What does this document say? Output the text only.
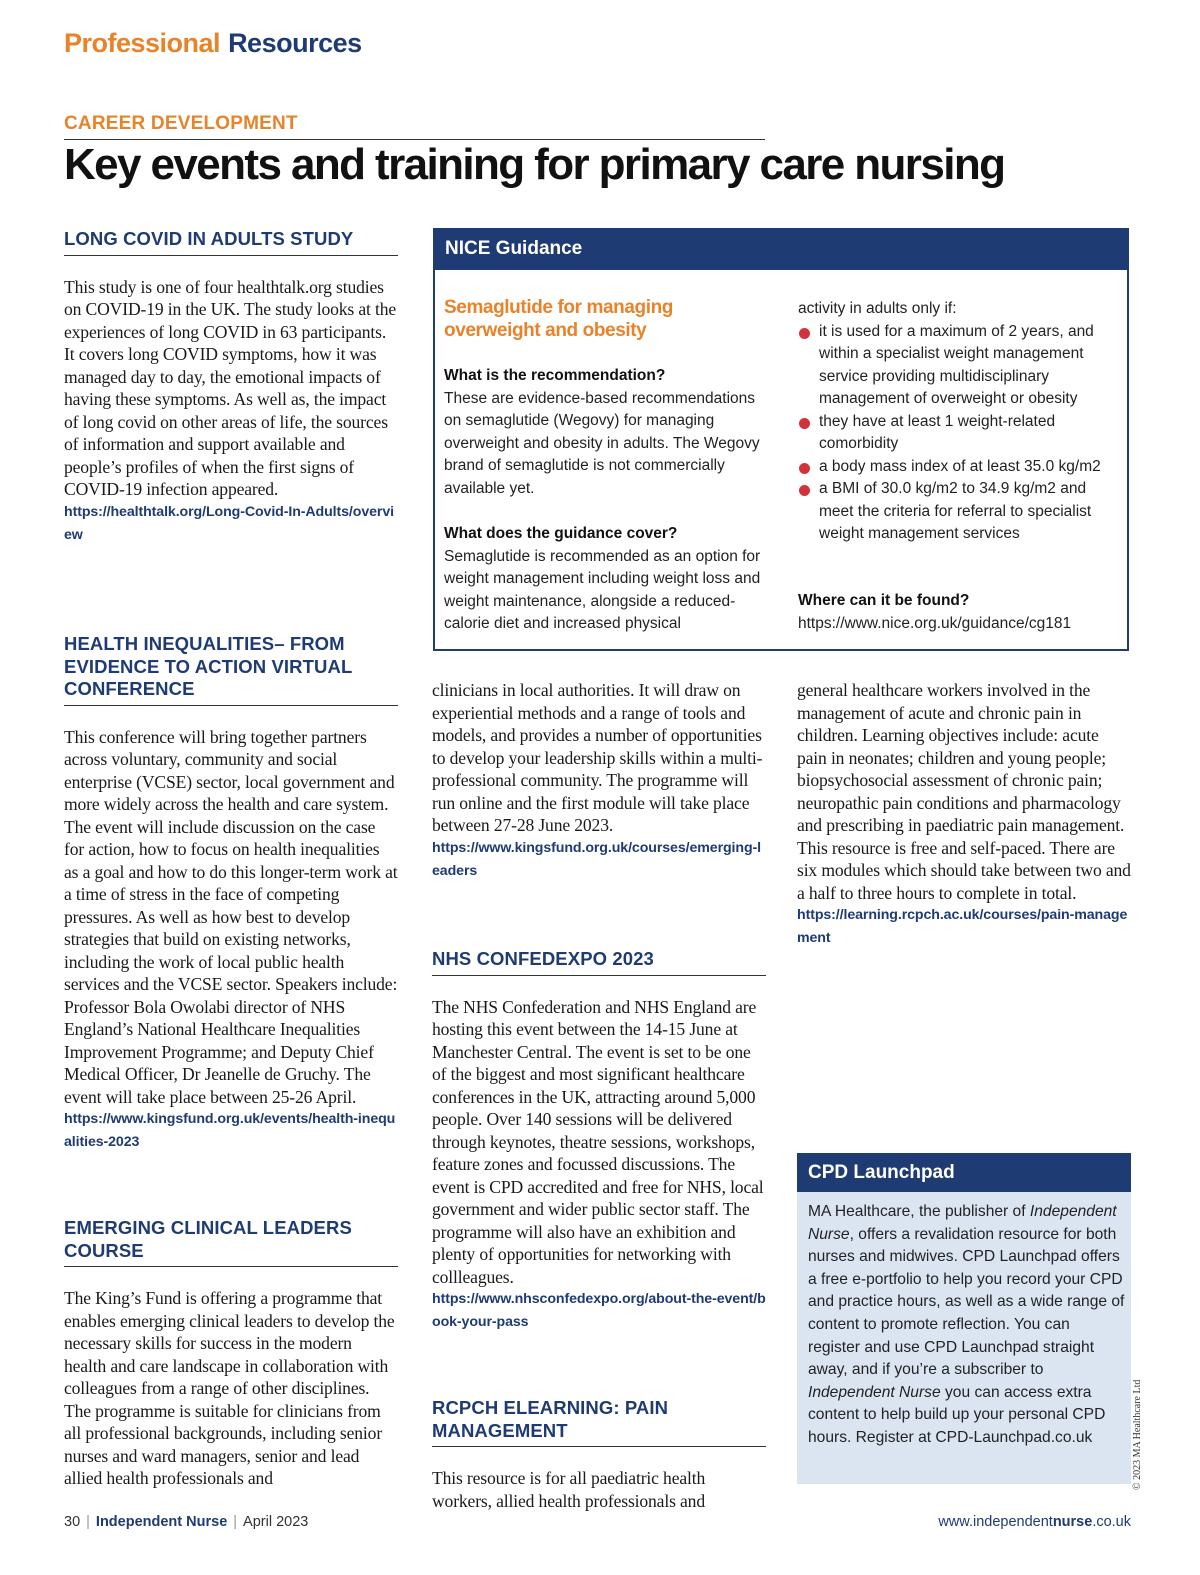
Professional Resources
CAREER DEVELOPMENT
Key events and training for primary care nursing
LONG COVID IN ADULTS STUDY

This study is one of four healthtalk.org studies on COVID-19 in the UK. The study looks at the experiences of long COVID in 63 participants. It covers long COVID symptoms, how it was managed day to day, the emotional impacts of having these symptoms. As well as, the impact of long covid on other areas of life, the sources of information and support available and people’s profiles of when the first signs of COVID-19 infection appeared.

https://healthtalk.org/Long-Covid-In-Adults/overview
HEALTH INEQUALITIES– FROM EVIDENCE TO ACTION VIRTUAL CONFERENCE

This conference will bring together partners across voluntary, community and social enterprise (VCSE) sector, local government and more widely across the health and care system. The event will include discussion on the case for action, how to focus on health inequalities as a goal and how to do this longer-term work at a time of stress in the face of competing pressures. As well as how best to develop strategies that build on existing networks, including the work of local public health services and the VCSE sector. Speakers include: Professor Bola Owolabi director of NHS England’s National Healthcare Inequalities Improvement Programme; and Deputy Chief Medical Officer, Dr Jeanelle de Gruchy. The event will take place between 25-26 April.

https://www.kingsfund.org.uk/events/health-inequalities-2023
EMERGING CLINICAL LEADERS COURSE

The King’s Fund is offering a programme that enables emerging clinical leaders to develop the necessary skills for success in the modern health and care landscape in collaboration with colleagues from a range of other disciplines. The programme is suitable for clinicians from all professional backgrounds, including senior nurses and ward managers, senior and lead allied health professionals and

clinicians in local authorities. It will draw on experiential methods and a range of tools and models, and provides a number of opportunities to develop your leadership skills within a multi-professional community. The programme will run online and the first module will take place between 27-28 June 2023.

https://www.kingsfund.org.uk/courses/emerging-leaders
NHS CONFEDEXPO 2023

The NHS Confederation and NHS England are hosting this event between the 14-15 June at Manchester Central. The event is set to be one of the biggest and most significant healthcare conferences in the UK, attracting around 5,000 people. Over 140 sessions will be delivered through keynotes, theatre sessions, workshops, feature zones and focussed discussions. The event is CPD accredited and free for NHS, local government and wider public sector staff. The programme will also have an exhibition and plenty of opportunities for networking with collleagues.

https://www.nhsconfedexpo.org/about-the-event/book-your-pass
RCPCH ELEARNING: PAIN MANAGEMENT

This resource is for all paediatric health workers, allied health professionals and

general healthcare workers involved in the management of acute and chronic pain in children. Learning objectives include: acute pain in neonates; children and young people; biopsychosocial assessment of chronic pain; neuropathic pain conditions and pharmacology and prescribing in paediatric pain management. This resource is free and self-paced. There are six modules which should take between two and a half to three hours to complete in total.

https://learning.rcpch.ac.uk/courses/pain-management
NICE Guidance
Semaglutide for managing overweight and obesity

What is the recommendation?

These are evidence-based recommendations on semaglutide (Wegovy) for managing overweight and obesity in adults. The Wegovy brand of semaglutide is not commercially available yet.

What does the guidance cover?

Semaglutide is recommended as an option for weight management including weight loss and weight maintenance, alongside a reduced-calorie diet and increased physical

activity in adults only if:

it is used for a maximum of 2 years, and within a specialist weight management service providing multidisciplinary management of overweight or obesity
they have at least 1 weight-related comorbidity
a body mass index of at least 35.0 kg/m2
a BMI of 30.0 kg/m2 to 34.9 kg/m2 and meet the criteria for referral to specialist weight management services

Where can it be found?

https://www.nice.org.uk/guidance/cg181

CPD Launchpad
MA Healthcare, the publisher of Independent Nurse, offers a revalidation resource for both nurses and midwives. CPD Launchpad offers a free e-portfolio to help you record your CPD and practice hours, as well as a wide range of content to promote reflection. You can register and use CPD Launchpad straight away, and if you’re a subscriber to Independent Nurse you can access extra content to help build up your personal CPD hours. Register at CPD-Launchpad.co.uk	© 2023 MA Healthcare Ltd
30 | Independent Nurse | April 2023	www.independentnurse.co.uk
